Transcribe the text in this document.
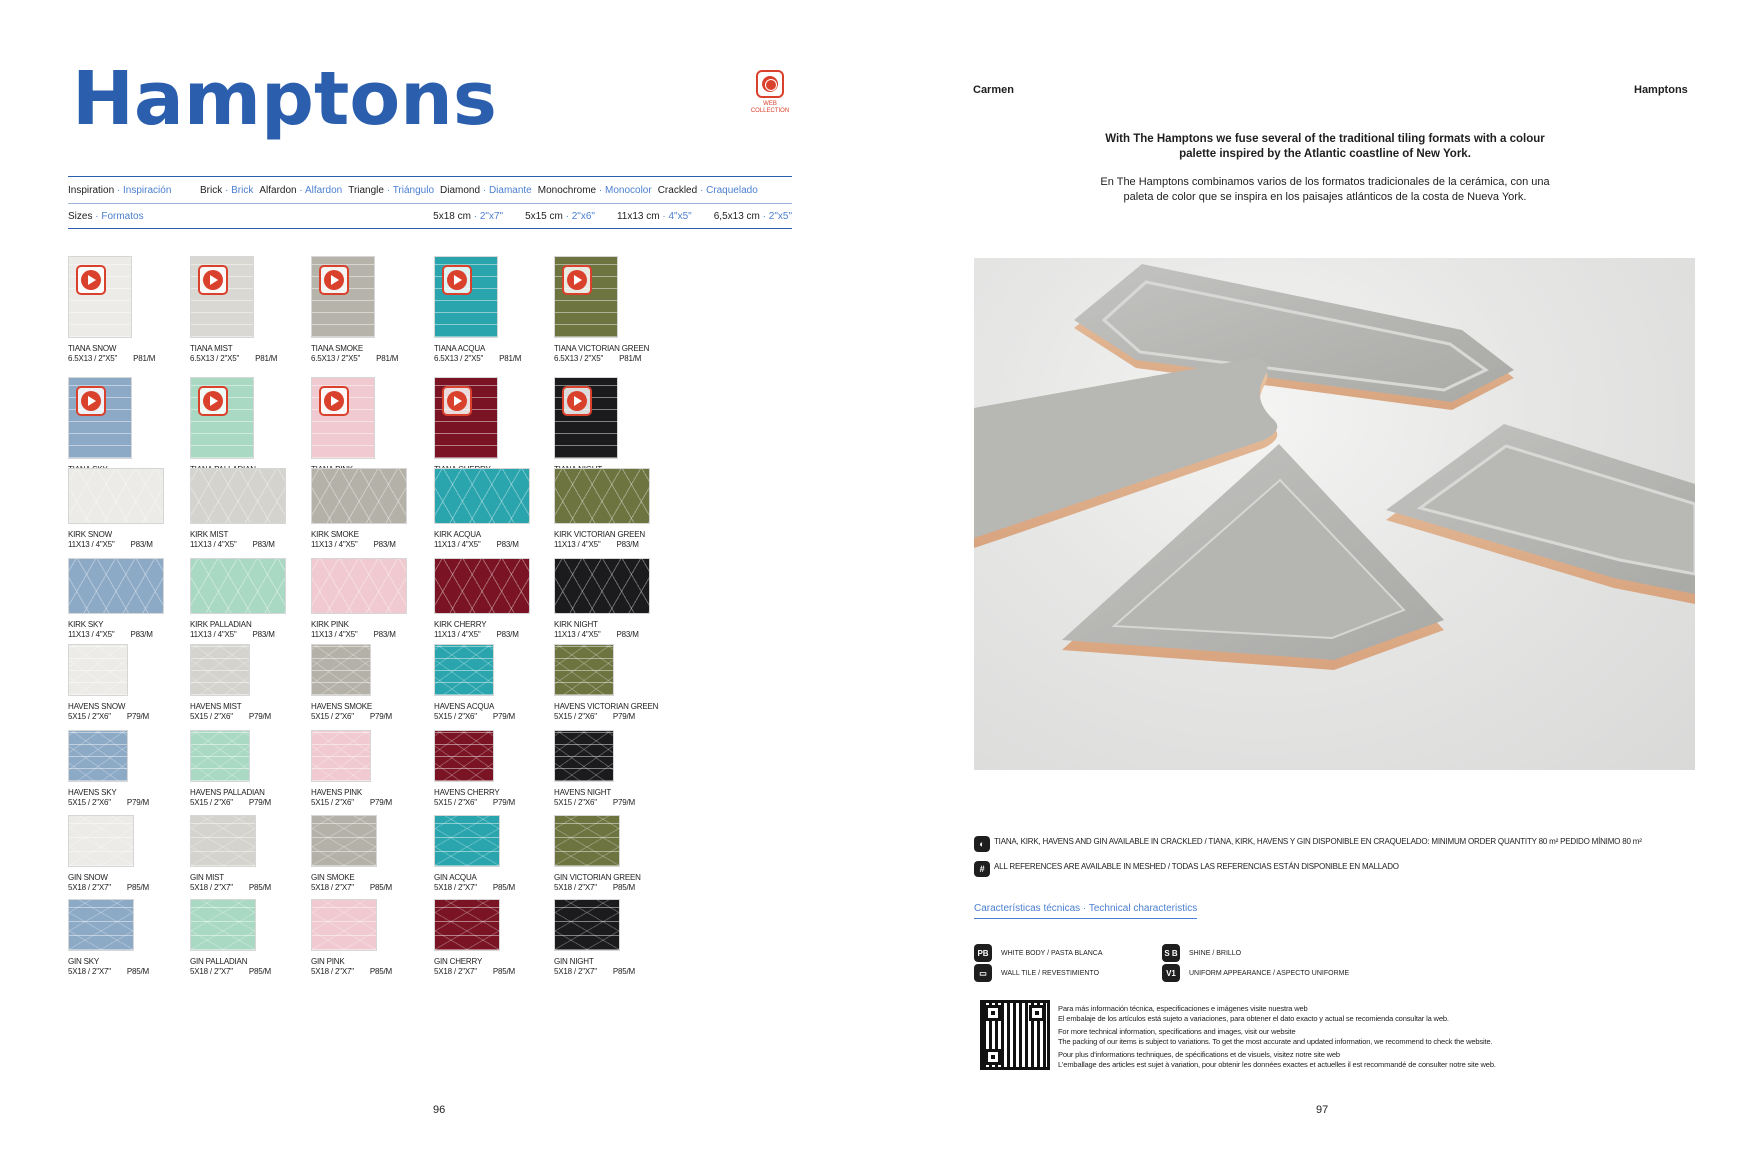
Hamptons	WEB COLLECTION
Inspiration · Inspiración	Brick · Brick Alfardon · Alfardon Triangle · Triángulo Diamond · Diamante Monochrome · Monocolor Crackled · Craquelado
Sizes · Formatos	5x18 cm · 2"x7" 5x15 cm · 2"x6" 11x13 cm · 4"x5" 6,5x13 cm · 2"x5"
TIANA SNOW
6.5X13 / 2"X5" P81/M
TIANA MIST
6.5X13 / 2"X5" P81/M
TIANA SMOKE
6.5X13 / 2"X5" P81/M
TIANA ACQUA
6.5X13 / 2"X5" P81/M
TIANA VICTORIAN GREEN
6.5X13 / 2"X5" P81/M
KIRK SNOW
11X13 / 4"X5" P83/M
KIRK MIST
11X13 / 4"X5" P83/M
KIRK SMOKE
11X13 / 4"X5" P83/M
KIRK ACQUA
11X13 / 4"X5" P83/M
KIRK VICTORIAN GREEN
11X13 / 4"X5" P83/M
KIRK SKY
11X13 / 4"X5" P83/M
KIRK PALLADIAN
11X13 / 4"X5" P83/M
KIRK PINK
11X13 / 4"X5" P83/M
KIRK CHERRY
11X13 / 4"X5" P83/M
KIRK NIGHT
11X13 / 4"X5" P83/M
HAVENS SNOW
5X15 / 2"X6" P79/M
HAVENS MIST
5X15 / 2"X6" P79/M
HAVENS SMOKE
5X15 / 2"X6" P79/M
HAVENS ACQUA
5X15 / 2"X6" P79/M
HAVENS VICTORIAN GREEN
5X15 / 2"X6" P79/M
HAVENS SKY
5X15 / 2"X6" P79/M
HAVENS PALLADIAN
5X15 / 2"X6" P79/M
HAVENS PINK
5X15 / 2"X6" P79/M
HAVENS CHERRY
5X15 / 2"X6" P79/M
HAVENS NIGHT
5X15 / 2"X6" P79/M
GIN SNOW
5X18 / 2"X7" P85/M
GIN MIST
5X18 / 2"X7" P85/M
GIN SMOKE
5X18 / 2"X7" P85/M
GIN ACQUA
5X18 / 2"X7" P85/M
GIN VICTORIAN GREEN
5X18 / 2"X7" P85/M
GIN SKY
5X18 / 2"X7" P85/M
GIN PALLADIAN
5X18 / 2"X7" P85/M
GIN PINK
5X18 / 2"X7" P85/M
GIN CHERRY
5X18 / 2"X7" P85/M
GIN NIGHT
5X18 / 2"X7" P85/M
96
Carmen	Hamptons
With The Hamptons we fuse several of the traditional tiling formats with a colour palette inspired by the Atlantic coastline of New York.
En The Hamptons combinamos varios de los formatos tradicionales de la cerámica, con una paleta de color que se inspira en los paisajes atlánticos de la costa de Nueva York.
◐	TIANA, KIRK, HAVENS AND GIN AVAILABLE IN CRACKLED / TIANA, KIRK, HAVENS Y GIN DISPONIBLE EN CRAQUELADO: MINIMUM ORDER QUANTITY 80 m² PEDIDO MÍNIMO 80 m²
#	ALL REFERENCES ARE AVAILABLE IN MESHED / TODAS LAS REFERENCIAS ESTÁN DISPONIBLE EN MALLADO
Características técnicas · Technical characteristics
PB	WHITE BODY / PASTA BLANCA	S B	SHINE / BRILLO
▭	WALL TILE / REVESTIMIENTO	V1	UNIFORM APPEARANCE / ASPECTO UNIFORME

Para más información técnica, especificaciones e imágenes visite nuestra web
El embalaje de los artículos está sujeto a variaciones, para obtener el dato exacto y actual se recomienda consultar la web.

For more technical information, specifications and images, visit our website
The packing of our items is subject to variations. To get the most accurate and updated information, we recommend to check the website.

Pour plus d'informations techniques, de spécifications et de visuels, visitez notre site web
L'emballage des articles est sujet à variation, pour obtenir les données exactes et actuelles il est recommandé de consulter notre site web.

97
